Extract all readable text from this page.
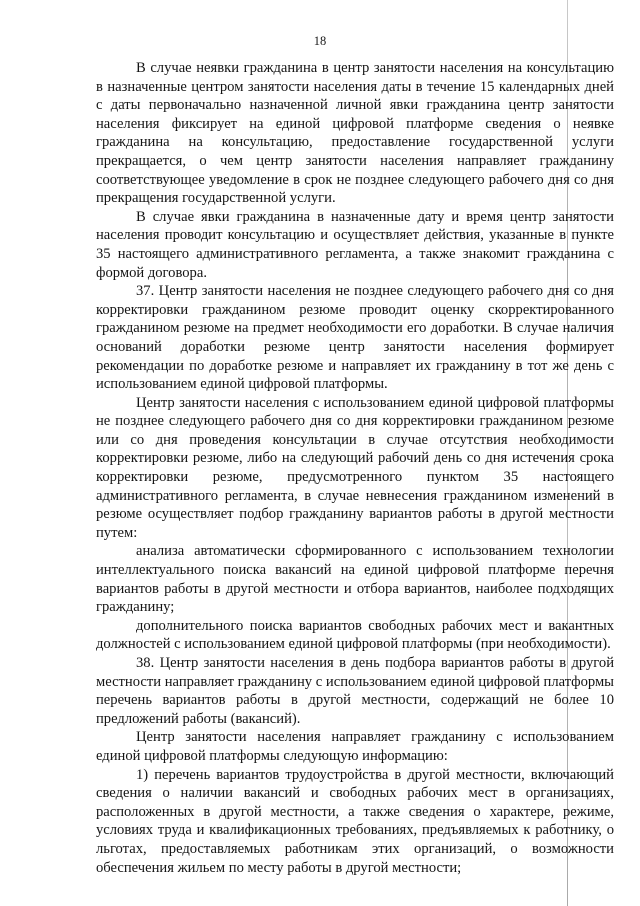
18

В случае неявки гражданина в центр занятости населения на консультацию в назначенные центром занятости населения даты в течение 15 календарных дней с даты первоначально назначенной личной явки гражданина центр занятости населения фиксирует на единой цифровой платформе сведения о неявке гражданина на консультацию, предоставление государственной услуги прекращается, о чем центр занятости населения направляет гражданину соответствующее уведомление в срок не позднее следующего рабочего дня со дня прекращения государственной услуги.

В случае явки гражданина в назначенные дату и время центр занятости населения проводит консультацию и осуществляет действия, указанные в пункте 35 настоящего административного регламента, а также знакомит гражданина с формой договора.

37. Центр занятости населения не позднее следующего рабочего дня со дня корректировки гражданином резюме проводит оценку скорректированного гражданином резюме на предмет необходимости его доработки. В случае наличия оснований доработки резюме центр занятости населения формирует рекомендации по доработке резюме и направляет их гражданину в тот же день с использованием единой цифровой платформы.

Центр занятости населения с использованием единой цифровой платформы не позднее следующего рабочего дня со дня корректировки гражданином резюме или со дня проведения консультации в случае отсутствия необходимости корректировки резюме, либо на следующий рабочий день со дня истечения срока корректировки резюме, предусмотренного пунктом 35 настоящего административного регламента, в случае невнесения гражданином изменений в резюме осуществляет подбор гражданину вариантов работы в другой местности путем:

анализа автоматически сформированного с использованием технологии интеллектуального поиска вакансий на единой цифровой платформе перечня вариантов работы в другой местности и отбора вариантов, наиболее подходящих гражданину;

дополнительного поиска вариантов свободных рабочих мест и вакантных должностей с использованием единой цифровой платформы (при необходимости).

38. Центр занятости населения в день подбора вариантов работы в другой местности направляет гражданину с использованием единой цифровой платформы перечень вариантов работы в другой местности, содержащий не более 10 предложений работы (вакансий).

Центр занятости населения направляет гражданину с использованием единой цифровой платформы следующую информацию:

1) перечень вариантов трудоустройства в другой местности, включающий сведения о наличии вакансий и свободных рабочих мест в организациях, расположенных в другой местности, а также сведения о характере, режиме, условиях труда и квалификационных требованиях, предъявляемых к работнику, о льготах, предоставляемых работникам этих организаций, о возможности обеспечения жильем по месту работы в другой местности;
